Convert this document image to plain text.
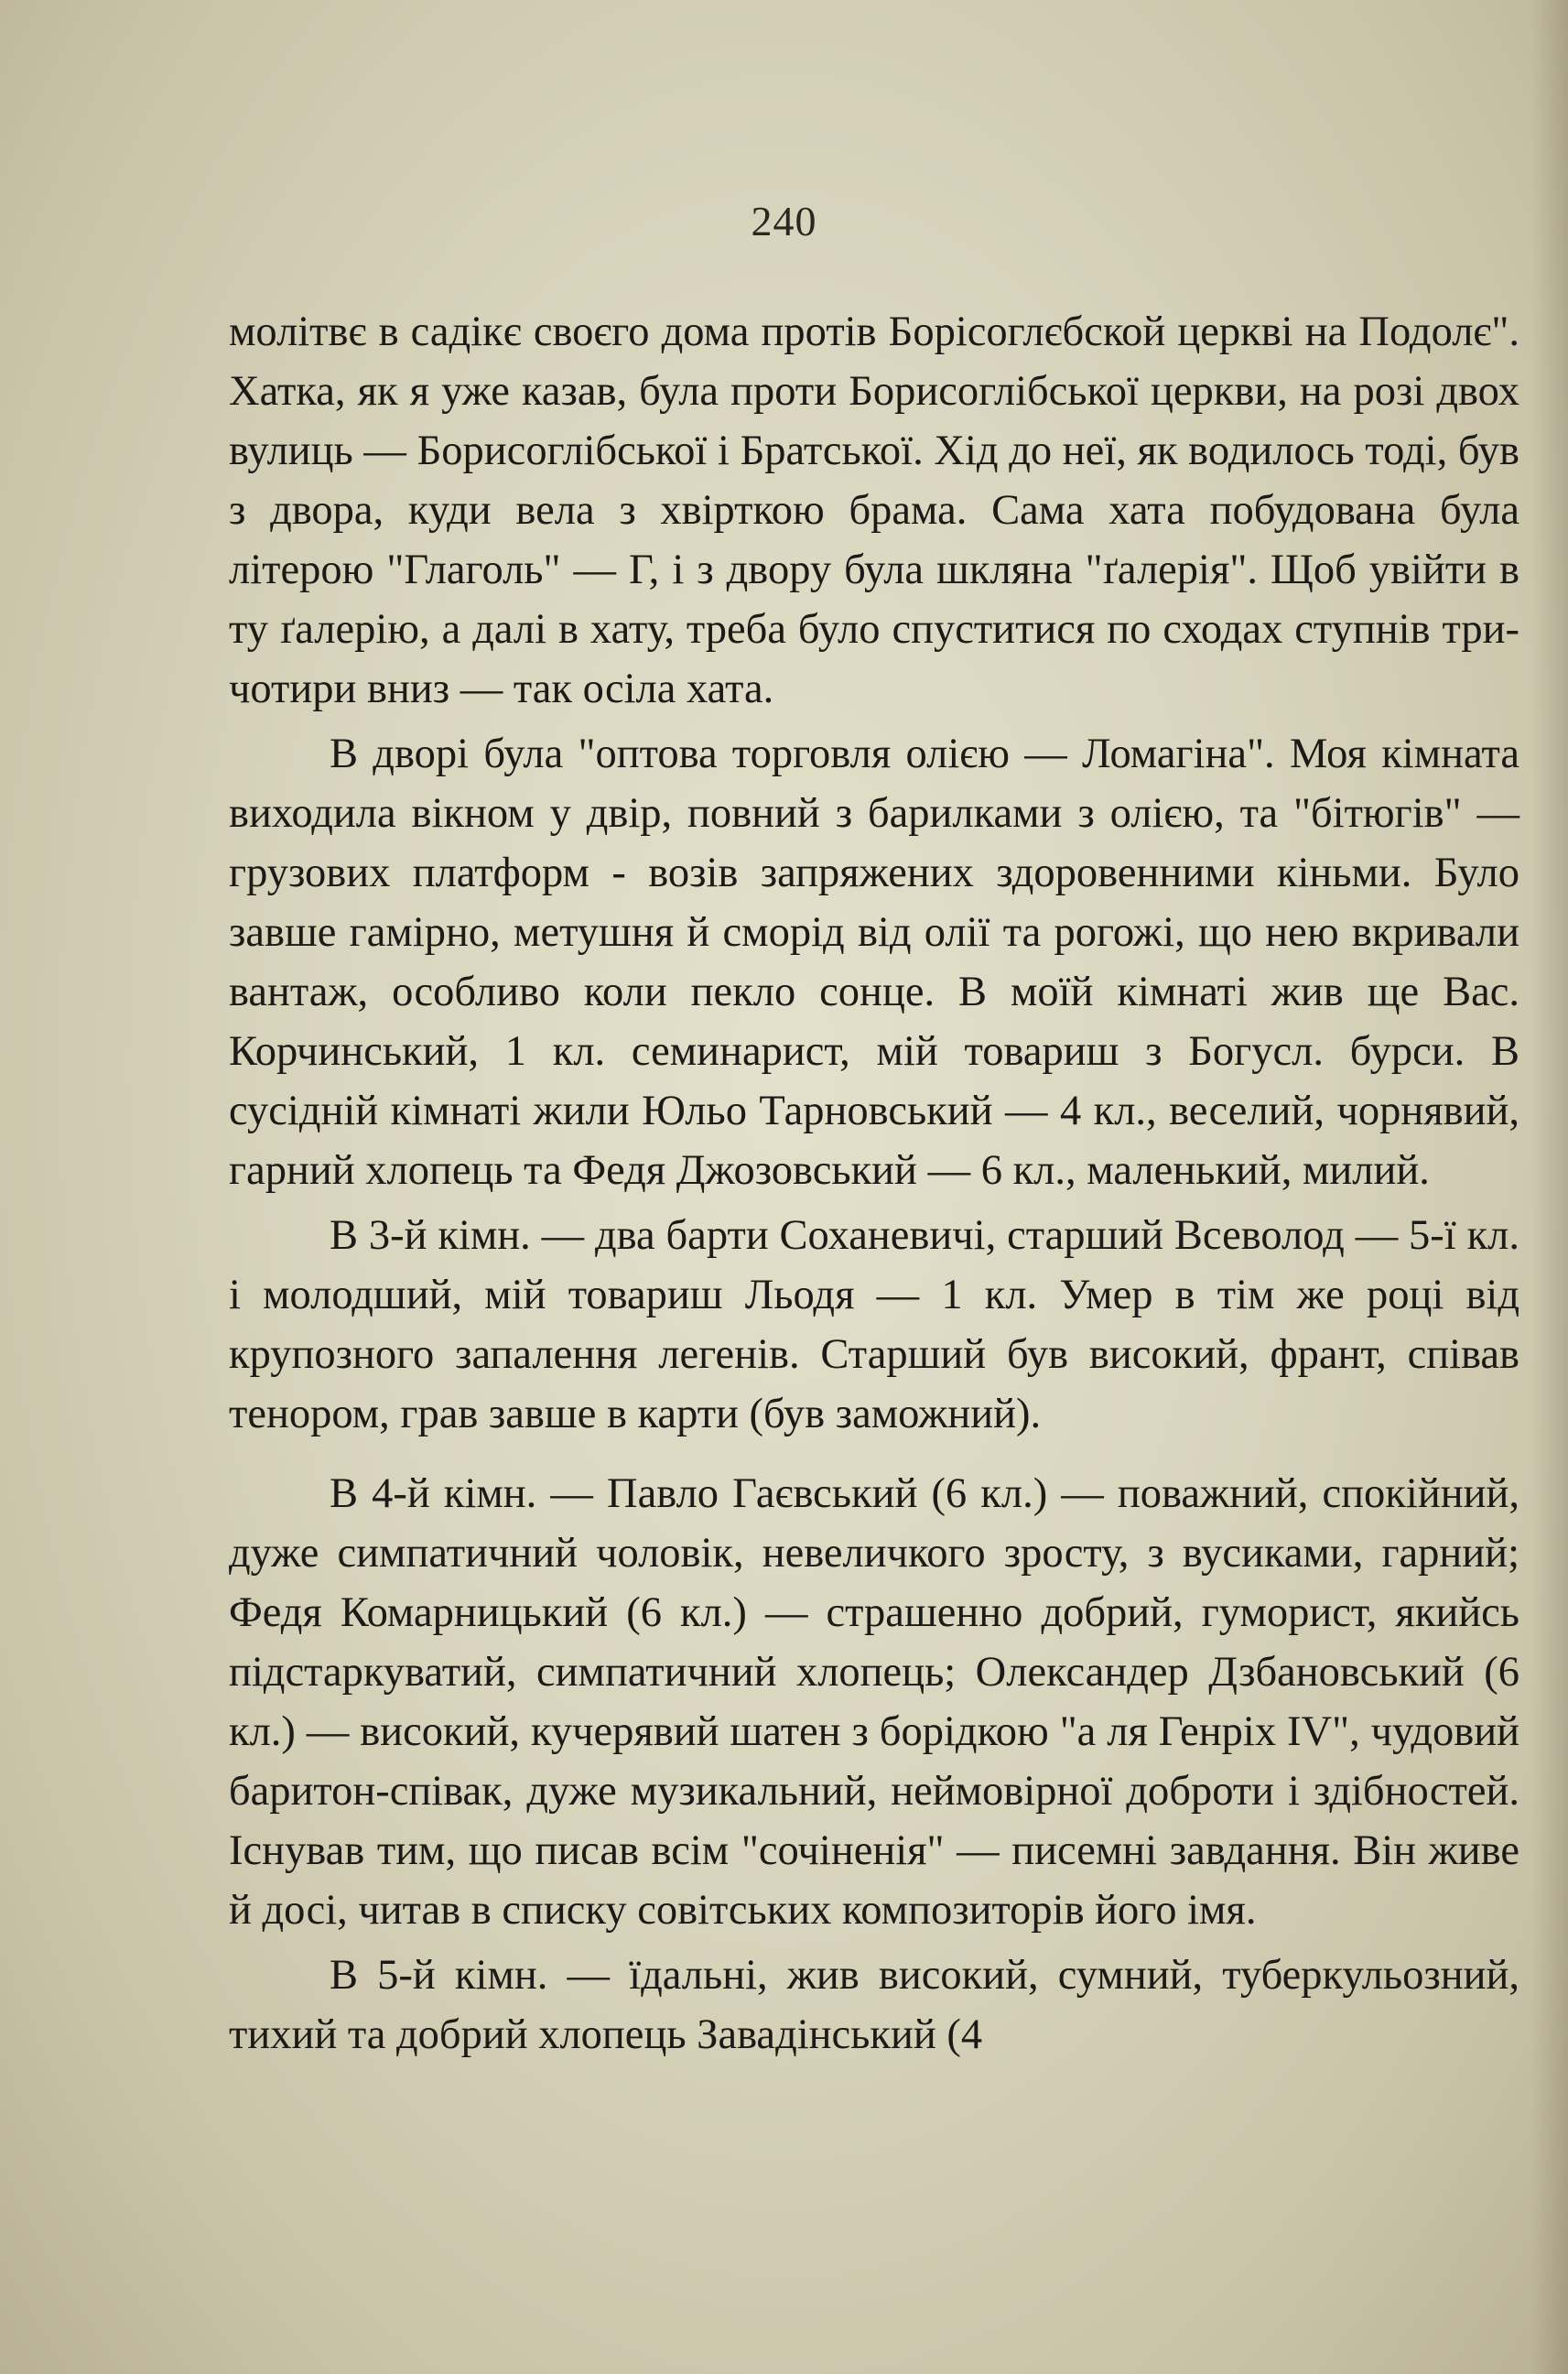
240

молітвє в садікє своєго дома протів Борісоглєбской церкві на Подолє". Хатка, як я уже казав, була проти Борисоглібської церкви, на розі двох вулиць — Борисоглібської і Братської. Хід до неї, як водилось тоді, був з двора, куди вела з хвірткою брама. Сама хата побудована була літерою "Глаголь" — Г, і з двору була шкляна "ґалерія". Щоб увійти в ту ґалерію, а далі в хату, треба було спуститися по сходах ступнів три-чотири вниз — так осіла хата.

В дворі була "оптова торговля олією — Ломагіна". Моя кімната виходила вікном у двір, повний з барилками з олією, та "бітюгів" — грузових платформ - возів запряжених здоровенними кіньми. Було завше гамірно, метушня й сморід від олії та рогожі, що нею вкривали вантаж, особливо коли пекло сонце. В моїй кімнаті жив ще Вас. Корчинський, 1 кл. семинарист, мій товариш з Богусл. бурси. В сусідній кімнаті жили Юльо Тарновський — 4 кл., веселий, чорнявий, гарний хлопець та Федя Джозовський — 6 кл., маленький, милий.

В 3-й кімн. — два барти Соханевичі, старший Всеволод — 5-ї кл. і молодший, мій товариш Льодя — 1 кл. Умер в тім же році від крупозного запалення легенів. Старший був високий, франт, співав тенором, грав завше в карти (був заможний).

В 4-й кімн. — Павло Гаєвський (6 кл.) — поважний, спокійний, дуже симпатичний чоловік, невеличкого зросту, з вусиками, гарний; Федя Комарницький (6 кл.) — страшенно добрий, гуморист, якийсь підстаркуватий, симпатичний хлопець; Олександер Дзбановський (6 кл.) — високий, кучерявий шатен з борідкою "а ля Генріх IV", чудовий баритон-співак, дуже музикальний, неймовірної доброти і здібностей. Існував тим, що писав всім "сочіненія" — писемні завдання. Він живе й досі, читав в списку совітських композиторів його імя.

В 5-й кімн. — їдальні, жив високий, сумний, туберкульозний, тихий та добрий хлопець Завадінський (4
